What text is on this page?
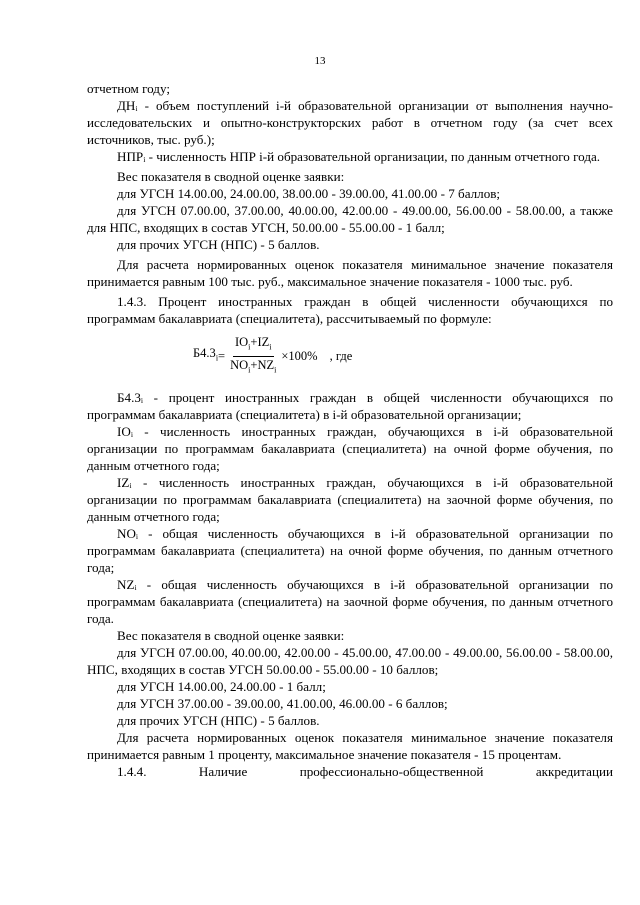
13

отчетном году;

ДНᵢ - объем поступлений i-й образовательной организации от выполнения научно-исследовательских и опытно-конструкторских работ в отчетном году (за счет всех источников, тыс. руб.);

НПРᵢ - численность НПР i-й образовательной организации, по данным отчетного года.

Вес показателя в сводной оценке заявки:

для УГСН 14.00.00, 24.00.00, 38.00.00 - 39.00.00, 41.00.00 - 7 баллов;

для УГСН 07.00.00, 37.00.00, 40.00.00, 42.00.00 - 49.00.00, 56.00.00 - 58.00.00, а также для НПС, входящих в состав УГСН, 50.00.00 - 55.00.00 - 1 балл;

для прочих УГСН (НПС) - 5 баллов.

Для расчета нормированных оценок показателя минимальное значение показателя принимается равным 100 тыс. руб., максимальное значение показателя - 1000 тыс. руб.

1.4.3. Процент иностранных граждан в общей численности обучающихся по программам бакалавриата (специалитета), рассчитываемый по формуле:

$Б4.3_i = \frac{IO_i+IZ_i}{NO_i+NZ_i} \times 100\%$ , где

Б4.3ᵢ - процент иностранных граждан в общей численности обучающихся по программам бакалавриата (специалитета) в i-й образовательной организации;

IOᵢ - численность иностранных граждан, обучающихся в i-й образовательной организации по программам бакалавриата (специалитета) на очной форме обучения, по данным отчетного года;

IZᵢ - численность иностранных граждан, обучающихся в i-й образовательной организации по программам бакалавриата (специалитета) на заочной форме обучения, по данным отчетного года;

NOᵢ - общая численность обучающихся в i-й образовательной организации по программам бакалавриата (специалитета) на очной форме обучения, по данным отчетного года;

NZᵢ - общая численность обучающихся в i-й образовательной организации по программам бакалавриата (специалитета) на заочной форме обучения, по данным отчетного года.

Вес показателя в сводной оценке заявки:

для УГСН 07.00.00, 40.00.00, 42.00.00 - 45.00.00, 47.00.00 - 49.00.00, 56.00.00 - 58.00.00, НПС, входящих в состав УГСН 50.00.00 - 55.00.00 - 10 баллов;

для УГСН 14.00.00, 24.00.00 - 1 балл;

для УГСН 37.00.00 - 39.00.00, 41.00.00, 46.00.00 - 6 баллов;

для прочих УГСН (НПС) - 5 баллов.

Для расчета нормированных оценок показателя минимальное значение показателя принимается равным 1 проценту, максимальное значение показателя - 15 процентам.

1.4.4.	Наличие	профессионально-общественной	аккредитации
